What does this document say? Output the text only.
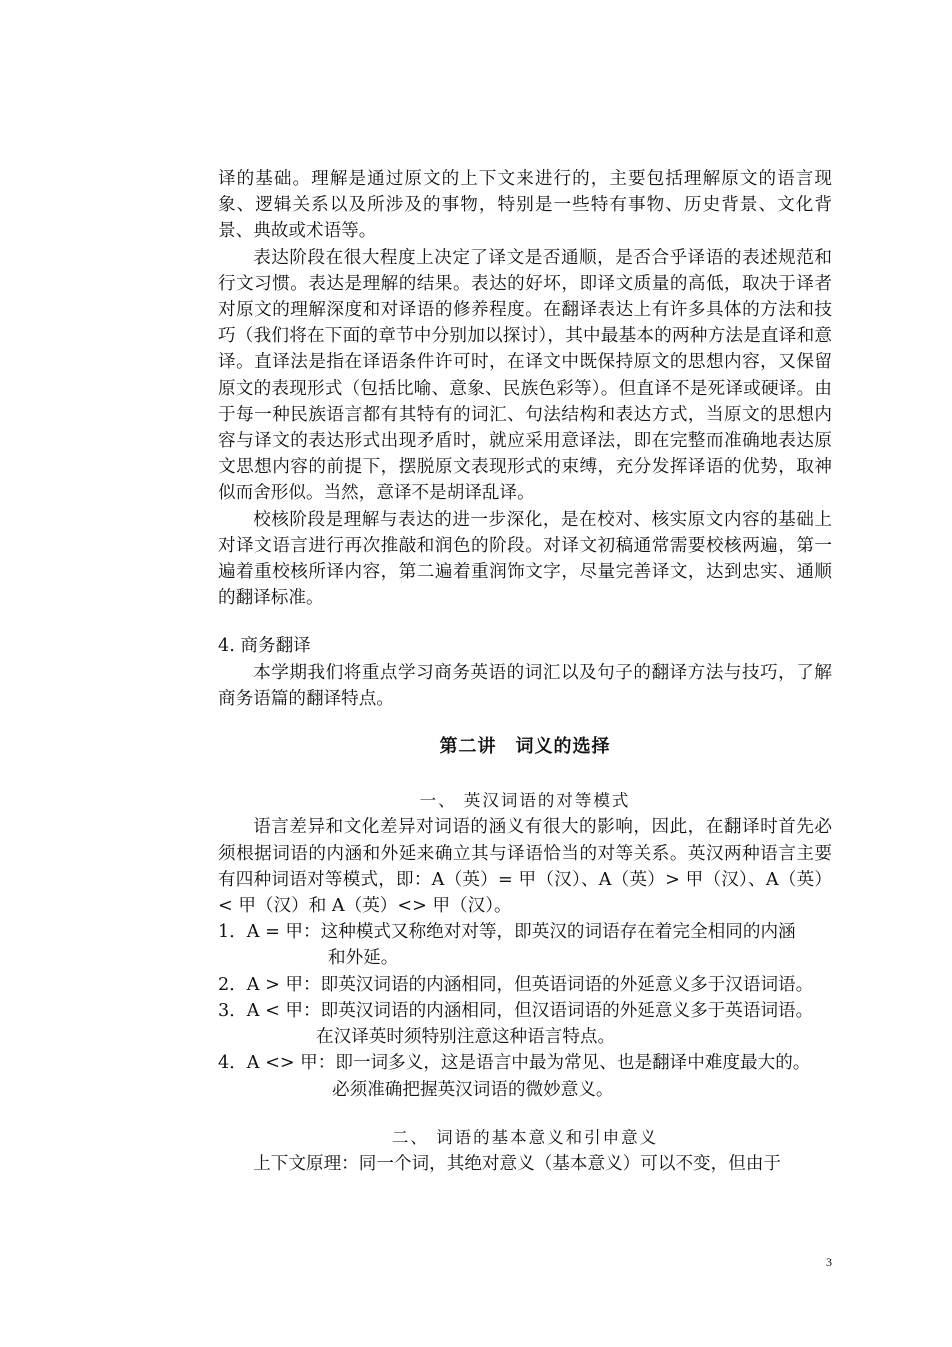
译的基础。理解是通过原文的上下文来进行的，主要包括理解原文的语言现象、逻辑关系以及所涉及的事物，特别是一些特有事物、历史背景、文化背景、典故或术语等。

表达阶段在很大程度上决定了译文是否通顺，是否合乎译语的表述规范和行文习惯。表达是理解的结果。表达的好坏，即译文质量的高低，取决于译者对原文的理解深度和对译语的修养程度。在翻译表达上有许多具体的方法和技巧（我们将在下面的章节中分别加以探讨），其中最基本的两种方法是直译和意译。直译法是指在译语条件许可时，在译文中既保持原文的思想内容，又保留原文的表现形式（包括比喻、意象、民族色彩等）。但直译不是死译或硬译。由于每一种民族语言都有其特有的词汇、句法结构和表达方式，当原文的思想内容与译文的表达形式出现矛盾时，就应采用意译法，即在完整而准确地表达原文思想内容的前提下，摆脱原文表现形式的束缚，充分发挥译语的优势，取神似而舍形似。当然，意译不是胡译乱译。

校核阶段是理解与表达的进一步深化，是在校对、核实原文内容的基础上对译文语言进行再次推敲和润色的阶段。对译文初稿通常需要校核两遍，第一遍着重校核所译内容，第二遍着重润饰文字，尽量完善译文，达到忠实、通顺的翻译标准。

4. 商务翻译

本学期我们将重点学习商务英语的词汇以及句子的翻译方法与技巧，了解商务语篇的翻译特点。

第二讲　词义的选择

一、 英汉词语的对等模式

语言差异和文化差异对词语的涵义有很大的影响，因此，在翻译时首先必须根据词语的内涵和外延来确立其与译语恰当的对等关系。英汉两种语言主要有四种词语对等模式，即：A（英）= 甲（汉）、A（英）> 甲（汉）、A（英）< 甲（汉）和 A（英）<> 甲（汉）。

1． A = 甲：这种模式又称绝对对等，即英汉的词语存在着完全相同的内涵

和外延。

2． A > 甲：即英汉词语的内涵相同，但英语词语的外延意义多于汉语词语。
3． A < 甲：即英汉词语的内涵相同，但汉语词语的外延意义多于英语词语。

在汉译英时须特别注意这种语言特点。

4． A <> 甲：即一词多义，这是语言中最为常见、也是翻译中难度最大的。

必须准确把握英汉词语的微妙意义。

二、 词语的基本意义和引申意义

上下文原理：同一个词，其绝对意义（基本意义）可以不变，但由于

3
